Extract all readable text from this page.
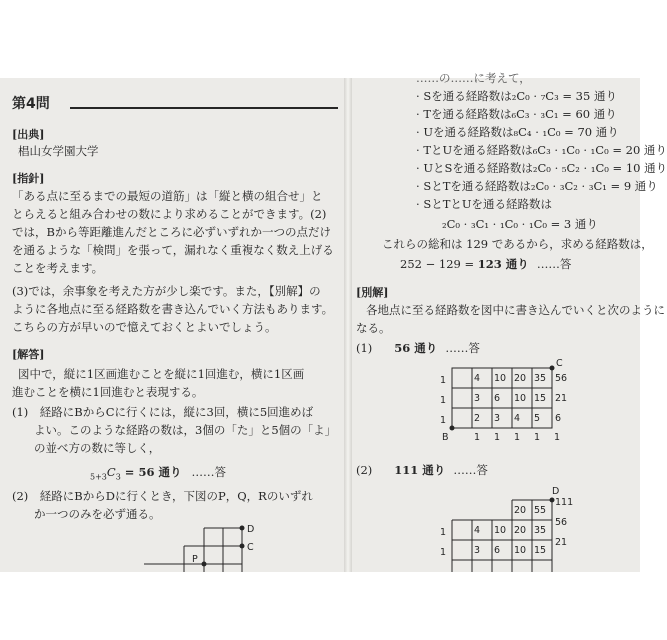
第4問
[ 出典 ]
椙山女学園大学
[ 指針 ]
「ある点に至るまでの最短の道筋」は「縦と横の組合せ」と
とらえると組み合わせの数により求めることができます。(2)
では，Bから等距離進んだところに必ずいずれか一つの点だけ
を通るような「検問」を張って，漏れなく重複なく数え上げる
ことを考えます。
(3)では，余事象を考えた方が少し楽です。また，【別解】の
ように各地点に至る経路数を書き込んでいく方法もあります。
こちらの方が早いので憶えておくとよいでしょう。
[ 解答 ]
図中で，縦に1区画進むことを縦に1回進む，横に1区画
進むことを横に1回進むと表現する。
(1)　経路にBからCに行くには，縦に3回，横に5回進めば
よい。このような経路の数は，3個の「た」と5個の「よ」
の並べ方の数に等しく，
$_{5+3}C_3 = 56$ 通り ……答
(2)　経路にBからDに行くとき，下図のP，Q，Rのいずれ
か一つのみを必ず通る。
D
C
P
……の……に考えて，
· Sを通る経路数は₂C₀ · ₇C₃ = 35 通り
· Tを通る経路数は₆C₃ · ₃C₁ = 60 通り
· Uを通る経路数は₈C₄ · ₁C₀ = 70 通り
· TとUを通る経路数は₆C₃ · ₁C₀ · ₁C₀ = 20 通り
· UとSを通る経路数は₂C₀ · ₅C₂ · ₁C₀ = 10 通り
· SとTを通る経路数は₂C₀ · ₃C₂ · ₃C₁ = 9 通り
· SとTとUを通る経路数は
₂C₀ · ₃C₁ · ₁C₀ · ₁C₀ = 3 通り
これらの総和は 129 であるから，求める経路数は，
252 − 129 = 123 通り ……答
[ 別解 ]
各地点に至る経路数を図中に書き込んでいくと次のように
なる。
(1) 56 通り ……答
1
1
1
B	1 1 1 1 1
C
4 10 20 35 56
3 6 10 15 21
2 3 4 5 6
(2) 111 通り ……答
D
20 55
111
1	4 10 20 35
56
1	3 6 10 15
21
